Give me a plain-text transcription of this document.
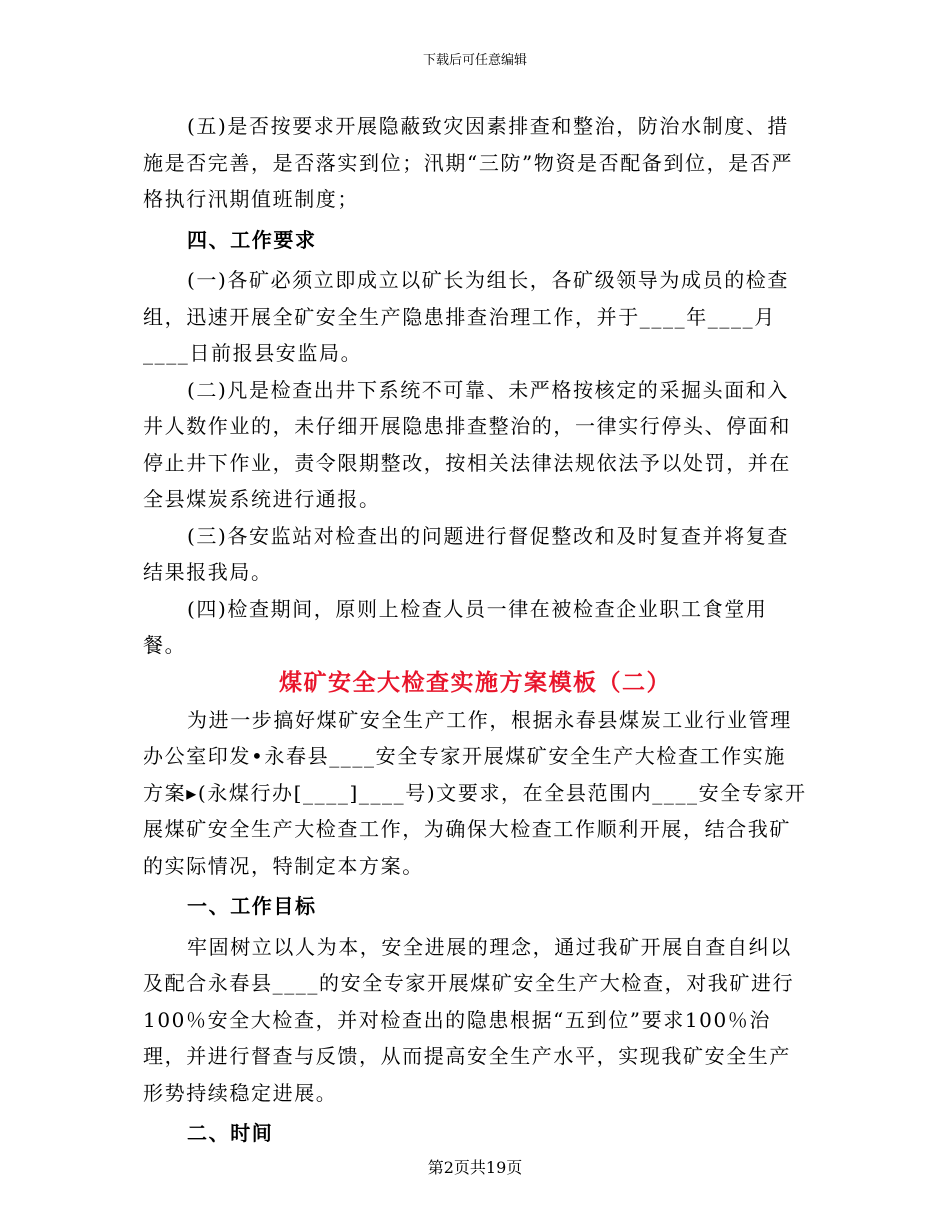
下载后可任意编辑

(五)是否按要求开展隐蔽致灾因素排查和整治，防治水制度、措施是否完善，是否落实到位；汛期“三防”物资是否配备到位，是否严格执行汛期值班制度；

四、工作要求

(一)各矿必须立即成立以矿长为组长，各矿级领导为成员的检查组，迅速开展全矿安全生产隐患排查治理工作，并于____年____月____日前报县安监局。

(二)凡是检查出井下系统不可靠、未严格按核定的采掘头面和入井人数作业的，未仔细开展隐患排查整治的，一律实行停头、停面和停止井下作业，责令限期整改，按相关法律法规依法予以处罚，并在全县煤炭系统进行通报。

(三)各安监站对检查出的问题进行督促整改和及时复查并将复查结果报我局。

(四)检查期间，原则上检查人员一律在被检查企业职工食堂用餐。

煤矿安全大检查实施方案模板（二）

为进一步搞好煤矿安全生产工作，根据永春县煤炭工业行业管理办公室印发•永春县____安全专家开展煤矿安全生产大检查工作实施方案▸(永煤行办[____]____号)文要求，在全县范围内____安全专家开展煤矿安全生产大检查工作，为确保大检查工作顺利开展，结合我矿的实际情况，特制定本方案。

一、工作目标

牢固树立以人为本，安全进展的理念，通过我矿开展自查自纠以及配合永春县____的安全专家开展煤矿安全生产大检查，对我矿进行100％安全大检查，并对检查出的隐患根据“五到位”要求100％治理，并进行督查与反馈，从而提高安全生产水平，实现我矿安全生产形势持续稳定进展。

二、时间

第2页共19页
